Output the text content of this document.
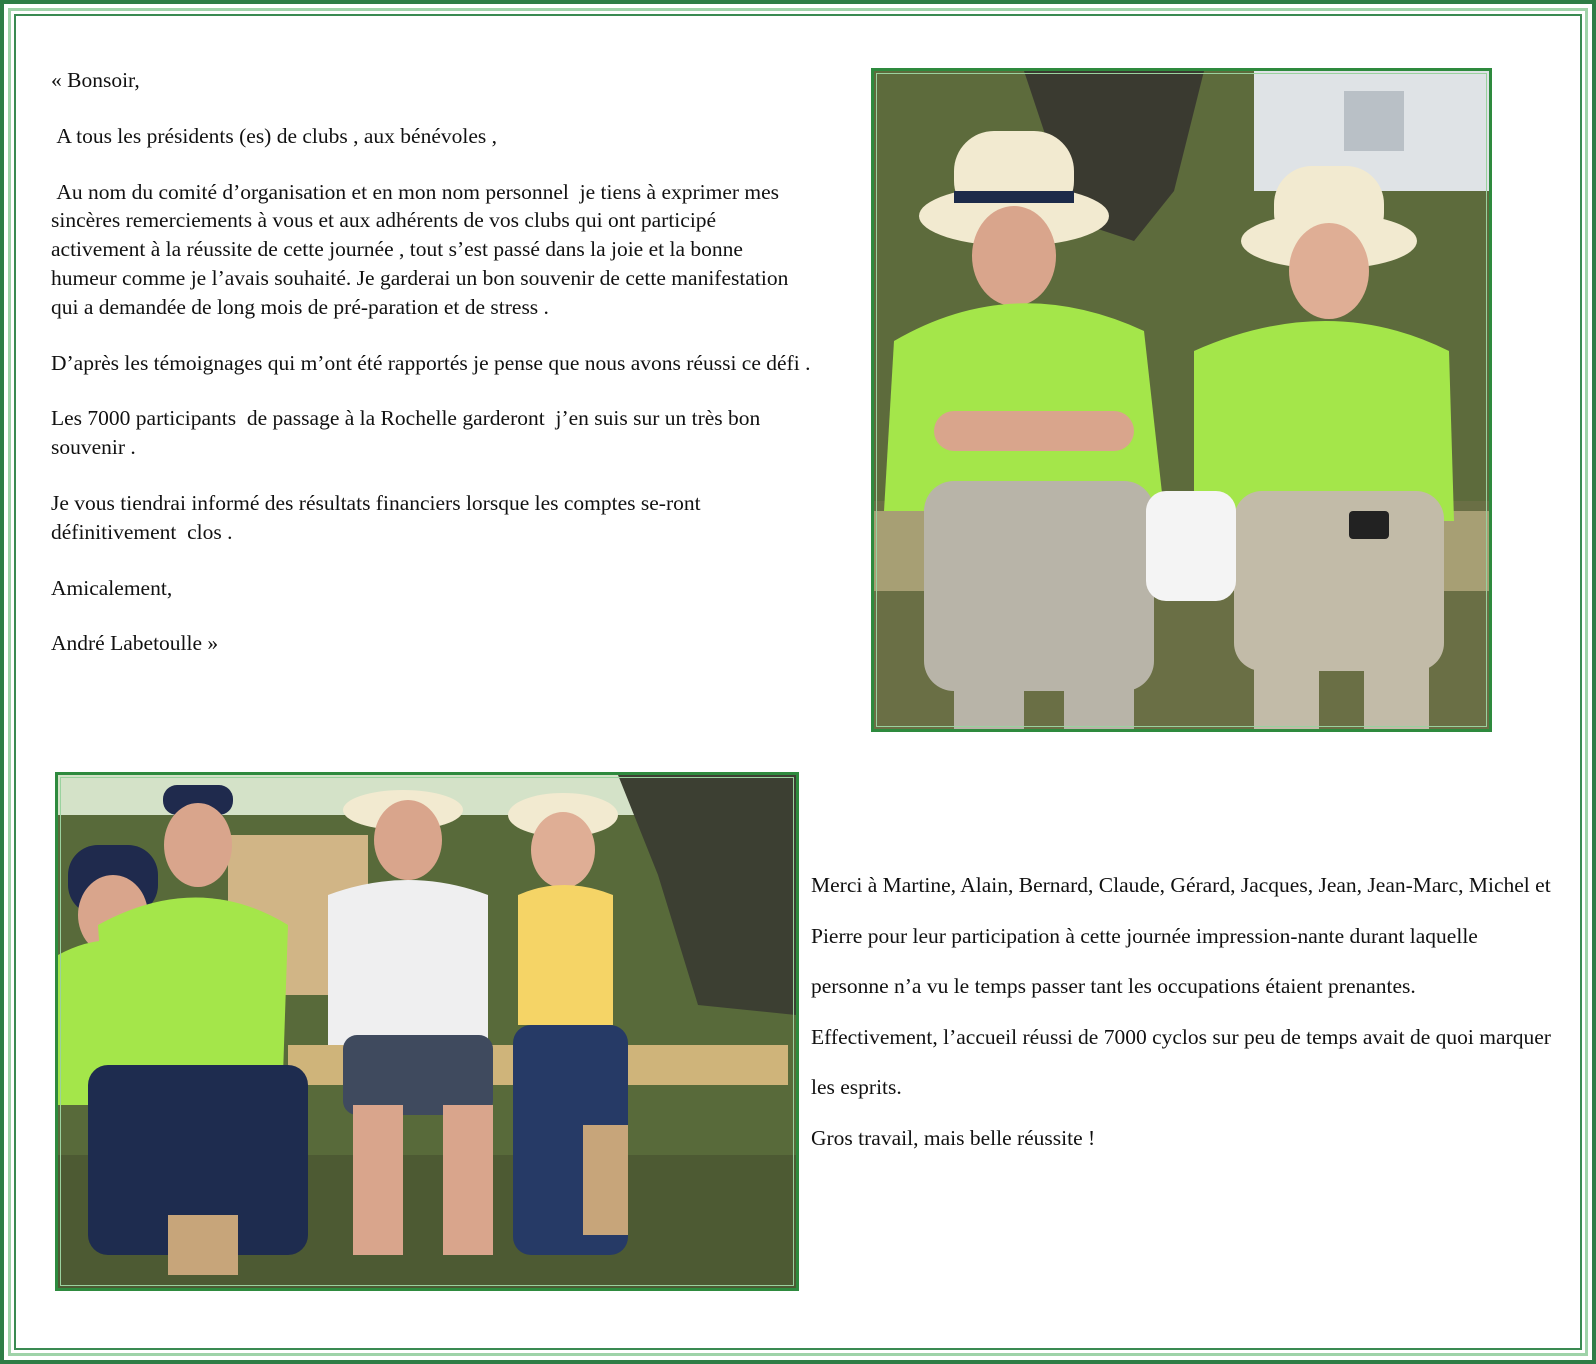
« Bonsoir,

A tous les présidents (es) de clubs , aux bénévoles ,

Au nom du comité d’organisation et en mon nom personnel  je tiens à exprimer mes sincères remerciements à vous et aux adhérents de vos clubs qui ont participé activement à la réussite de cette journée , tout s’est passé dans la joie et la bonne humeur comme je l’avais souhaité. Je garderai un bon souvenir de cette manifestation qui a demandée de long mois de pré-paration et de stress .

D’après les témoignages qui m’ont été rapportés je pense que nous avons réussi ce défi .

Les 7000 participants  de passage à la Rochelle garderont  j’en suis sur un très bon souvenir .

Je vous tiendrai informé des résultats financiers lorsque les comptes se-ront définitivement  clos .

Amicalement,

André Labetoulle »

Merci à Martine, Alain, Bernard, Claude, Gérard, Jacques, Jean, Jean-Marc, Michel et Pierre pour leur participation à cette journée impression-nante durant laquelle personne n’a vu le temps passer tant les occupations étaient prenantes.

Effectivement, l’accueil réussi de 7000 cyclos sur peu de temps avait de quoi marquer les esprits.

Gros travail, mais belle réussite !
